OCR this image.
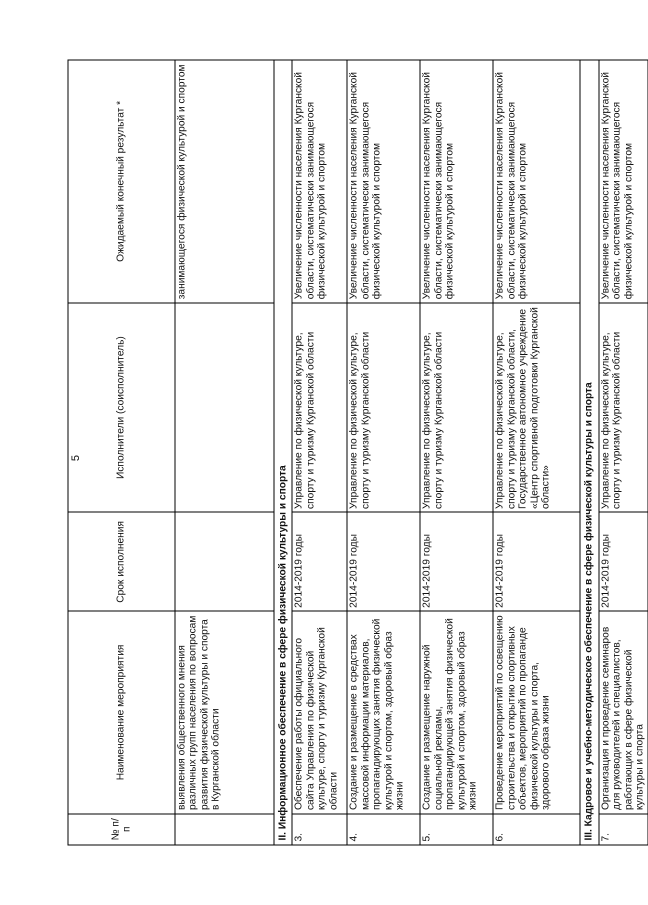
5
№ п/п	Наименование мероприятия	Срок исполнения	Исполнители (соисполнитель)	Ожидаемый конечный результат *
	выявления общественного мнения различных групп населения по вопросам развития физической культуры и спорта в Курганской области			занимающегося физической культурой и спортом
II. Информационное обеспечение в сфере физической культуры и спорта				
3.	Обеспечение работы официального сайта Управления по физической культуре, спорту и туризму Курганской области	2014-2019 годы	Управление по физической культуре, спорту и туризму Курганской области	Увеличение численности населения Курганской области, систематически занимающегося физической культурой и спортом
4.	Создание и размещение в средствах массовой информации материалов, пропагандирующих занятия физической культурой и спортом, здоровый образ жизни	2014-2019 годы	Управление по физической культуре, спорту и туризму Курганской области	Увеличение численности населения Курганской области, систематически занимающегося физической культурой и спортом
5.	Создание и размещение наружной социальной рекламы, пропагандирующей занятия физической культурой и спортом, здоровый образ жизни	2014-2019 годы	Управление по физической культуре, спорту и туризму Курганской области	Увеличение численности населения Курганской области, систематически занимающегося физической культурой и спортом
6.	Проведение мероприятий по освещению строительства и открытию спортивных объектов, мероприятий по пропаганде физической культуры и спорта, здорового образа жизни	2014-2019 годы	Управление по физической культуре, спорту и туризму Курганской области, Государственное автономное учреждение «Центр спортивной подготовки Курганской области»	Увеличение численности населения Курганской области, систематически занимающегося физической культурой и спортом
III. Кадровое и учебно-методическое обеспечение в сфере физической культуры и спорта				
7.	Организация и проведение семинаров для руководителей и специалистов, работающих в сфере физической культуры и спорта	2014-2019 годы	Управление по физической культуре, спорту и туризму Курганской области	Увеличение численности населения Курганской области, систематически занимающегося физической культурой и спортом
